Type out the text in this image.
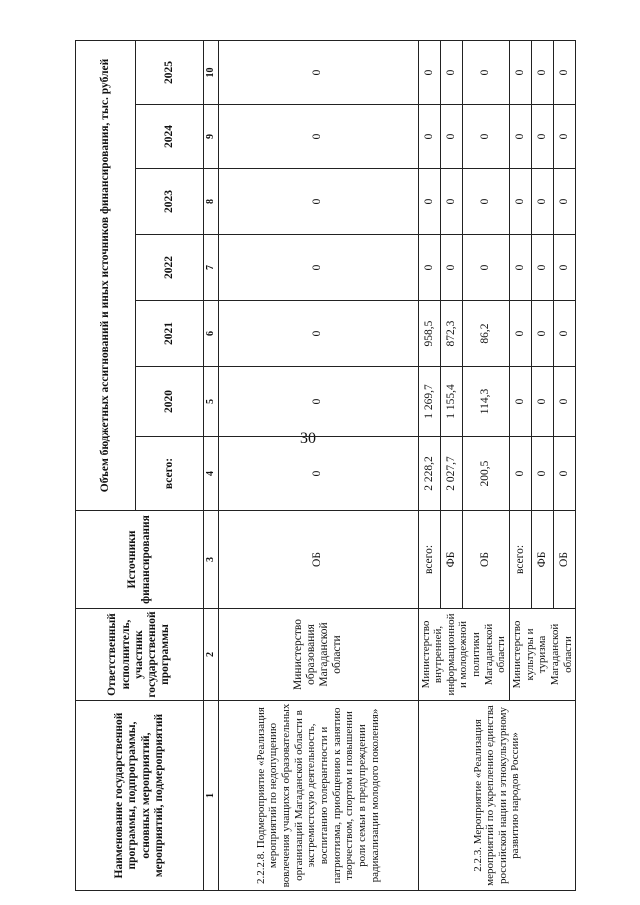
30
Наименование государственной программы, подпрограммы, основных мероприятий, мероприятий, подмероприятий	Ответственный исполнитель, участник государственной программы	Источники финансирования	Объем бюджетных ассигнований и иных источников финансирования, тыс. рублей						
			всего:	2020	2021	2022	2023	2024	2025
1	2	3	4	5	6	7	8	9	10
2.2.2.8. Подмероприятие «Реализация мероприятий по недопущению вовлечения учащихся образовательных организаций Магаданской области в экстремистскую деятельность, воспитанию толерантности и патриотизма, приобщению к занятию творчеством, спортом и повышении роли семьи в предупреждении радикализации молодого поколения»	Министерство образования Магаданской области	ОБ	0	0	0	0	0	0	0
2.2.3. Мероприятие «Реализация мероприятий по укреплению единства российской нации и этнокультурному развитию народов России»	Министерство внутренней, информационной и молодежной политики Магаданской области	всего:	2 228,2	1 269,7	958,5	0	0	0	0
		ФБ	2 027,7	1 155,4	872,3	0	0	0	0
		ОБ	200,5	114,3	86,2	0	0	0	0
	Министерство культуры и туризма Магаданской области	всего:	0	0	0	0	0	0	0
		ФБ	0	0	0	0	0	0	0
		ОБ	0	0	0	0	0	0	0
